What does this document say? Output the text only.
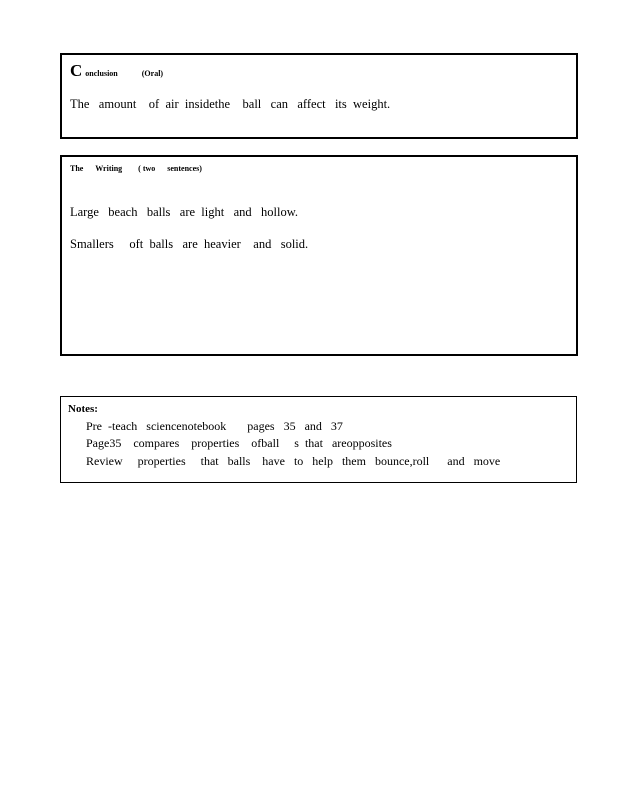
Conclusion	(Oral)
The   amount    of  air  insidethe    ball   can   affect   its  weight.
The      Writing ( two      sentences)
Large   beach   balls   are  light   and   hollow.
Smallers     oft  balls   are  heavier    and   solid.
Notes:
Pre  -teach   sciencenotebook       pages   35   and   37
Page35    compares    properties    ofball     s  that   areopposites
Review     properties     that   balls    have   to   help   them   bounce,roll      and   move
